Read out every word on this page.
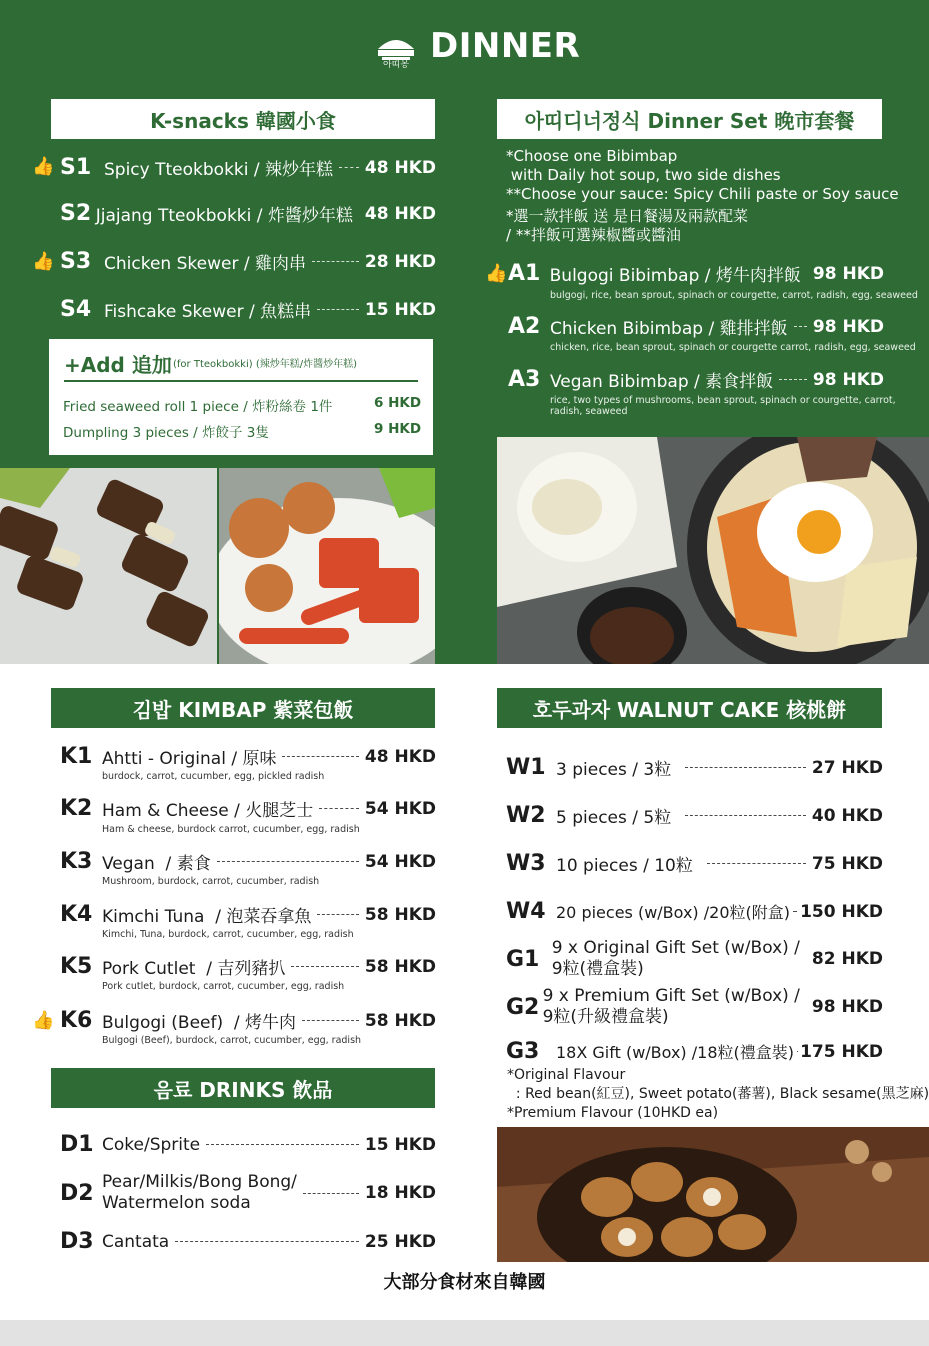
아띠몽 DINNER
K-snacks 韓國小食
👍 S1 Spicy Tteokbokki / 辣炒年糕 48 HKD
S2 Jjajang Tteokbokki / 炸醬炒年糕 48 HKD
👍 S3 Chicken Skewer / 雞肉串	28 HKD
S4 Fishcake Skewer / 魚糕串	15 HKD
+Add 追加 (for Tteokbokki) (辣炒年糕/炸醬炒年糕)
Fried seaweed roll 1 piece / 炸粉絲卷 1件	6 HKD
Dumpling 3 pieces / 炸餃子 3隻	9 HKD
아띠디너정식 Dinner Set 晚市套餐
*Choose one Bibimbap
with Daily hot soup, two side dishes
**Choose your sauce: Spicy Chili paste or Soy sauce
*選一款拌飯 送 是日餐湯及兩款配菜
/ **拌飯可選辣椒醬或醬油
👍 A1 Bulgogi Bibimbap / 烤牛肉拌飯 98 HKD
bulgogi, rice, bean sprout, spinach or courgette, carrot, radish, egg, seaweed
A2 Chicken Bibimbap / 雞排拌飯 98 HKD
chicken, rice, bean sprout, spinach or courgette carrot, radish, egg, seaweed
A3 Vegan Bibimbap / 素食拌飯 98 HKD
rice, two types of mushrooms, bean sprout, spinach or courgette, carrot,
radish, seaweed
김밥 KIMBAP 紫菜包飯
K1 Ahtti - Original / 原味	48 HKD
burdock, carrot, cucumber, egg, pickled radish
K2 Ham & Cheese / 火腿芝士	54 HKD
Ham & cheese, burdock carrot, cucumber, egg, radish
K3 Vegan  / 素食	54 HKD
Mushroom, burdock, carrot, cucumber, radish
K4 Kimchi Tuna  / 泡菜吞拿魚	58 HKD
Kimchi, Tuna, burdock, carrot, cucumber, egg, radish
K5 Pork Cutlet  / 吉列豬扒	58 HKD
Pork cutlet, burdock, carrot, cucumber, egg, radish
👍 K6 Bulgogi (Beef)  / 烤牛肉	58 HKD
Bulgogi (Beef), burdock, carrot, cucumber, egg, radish
음료 DRINKS 飲品
D1 Coke/Sprite	15 HKD
D2 Pear/Milkis/Bong Bong/
Watermelon soda	18 HKD
D3 Cantata	25 HKD
호두과자 WALNUT CAKE 核桃餅
W1 3 pieces / 3粒	27 HKD
W2 5 pieces / 5粒	40 HKD
W3 10 pieces / 10粒	75 HKD
W4 20 pieces (w/Box) /20粒(附盒) 150 HKD
G1 9 x Original Gift Set (w/Box) /
9粒(禮盒裝)	82 HKD
G2 9 x Premium Gift Set (w/Box) /
9粒(升級禮盒裝)	98 HKD
G3	18X Gift (w/Box) /18粒(禮盒裝) 175 HKD
*Original Flavour
: Red bean(紅豆), Sweet potato(蕃薯), Black sesame(黑芝麻)
*Premium Flavour (10HKD ea)
大部分食材來自韓國
